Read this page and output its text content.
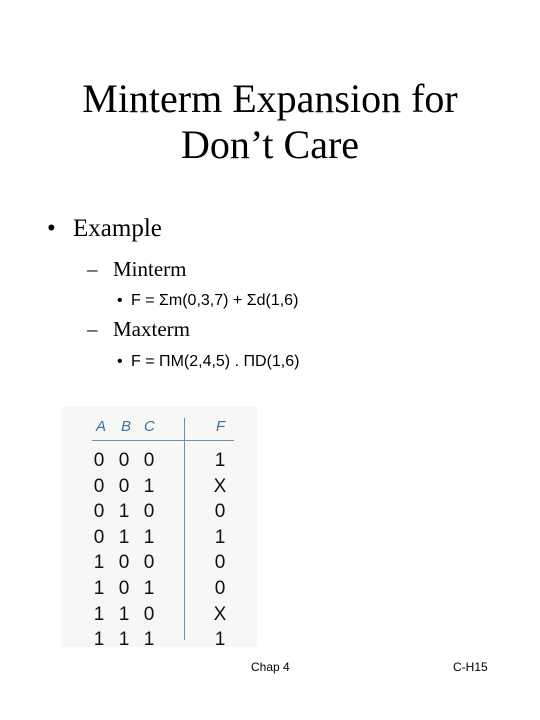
Minterm Expansion for
Don’t Care
• Example
– Minterm
• F = Σm(0,3,7) + Σd(1,6)
– Maxterm
• F = ΠM(2,4,5) . ΠD(1,6)
A B C	F
0 0 0	1
0 0 1	X
0 1 0	0
0 1 1	1
1 0 0	0
1 0 1	0
1 1 0	X
1 1 1	1
Chap 4	C-H15
